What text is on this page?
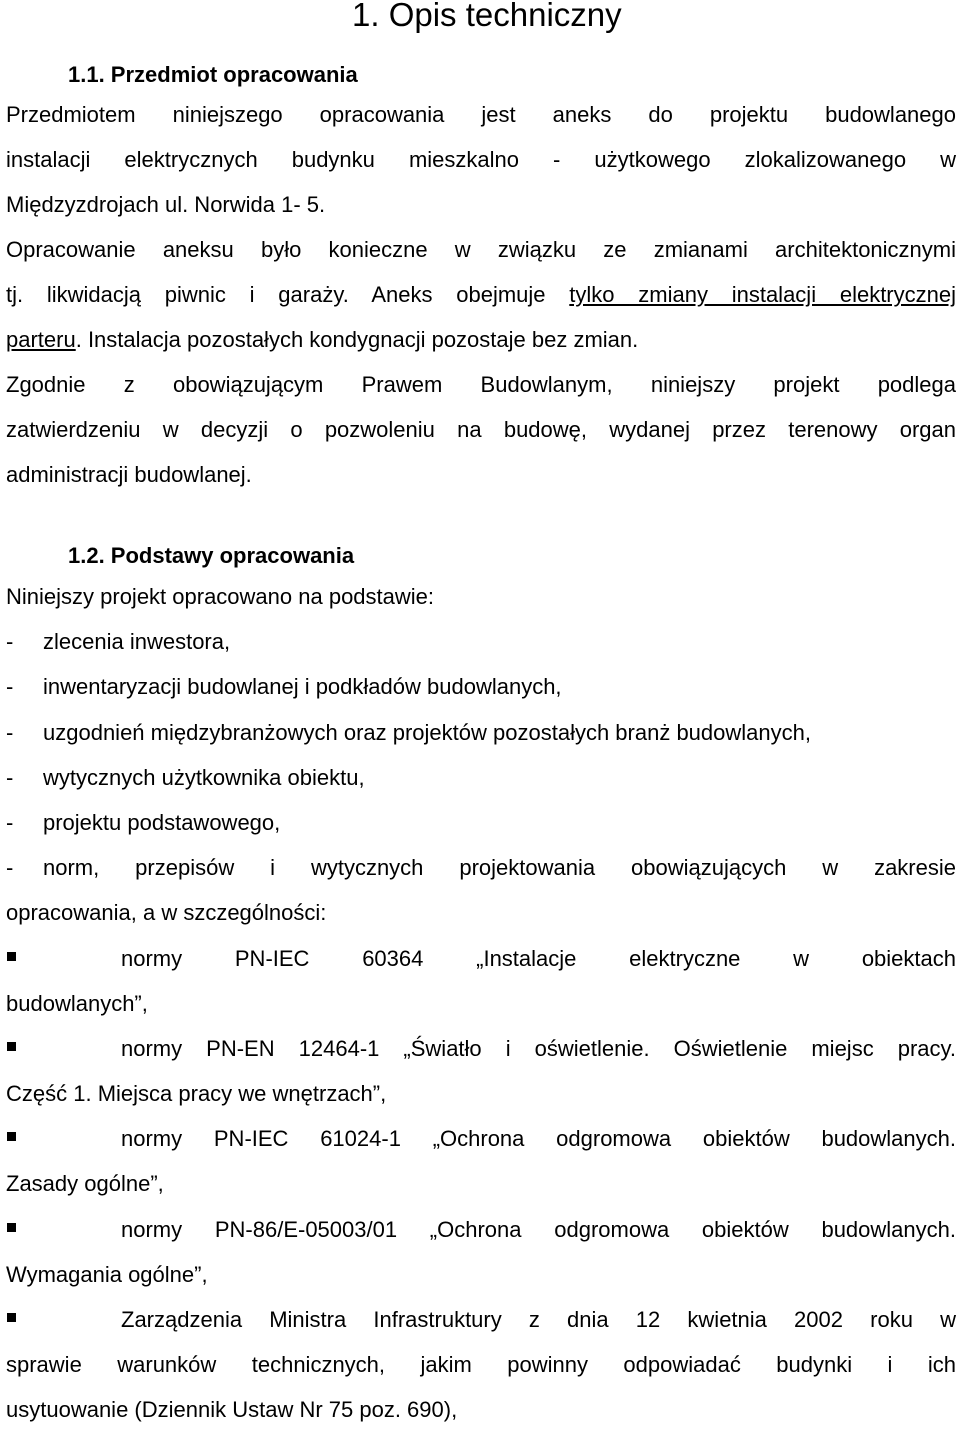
1. Opis techniczny
1.1. Przedmiot opracowania
Przedmiotem niniejszego opracowania jest aneks do projektu budowlanego
instalacji elektrycznych budynku mieszkalno - użytkowego zlokalizowanego w
Międzyzdrojach ul. Norwida 1- 5.
Opracowanie aneksu było konieczne w związku ze zmianami architektonicznymi
tj. likwidacją piwnic i garaży. Aneks obejmuje tylko zmiany instalacji elektrycznej
parteru. Instalacja pozostałych kondygnacji pozostaje bez zmian.
Zgodnie z obowiązującym Prawem Budowlanym, niniejszy projekt podlega
zatwierdzeniu w decyzji o pozwoleniu na budowę, wydanej przez terenowy organ
administracji budowlanej.
1.2. Podstawy opracowania
Niniejszy projekt opracowano na podstawie:
- zlecenia inwestora,
- inwentaryzacji budowlanej i podkładów budowlanych,
- uzgodnień międzybranżowych oraz projektów pozostałych branż budowlanych,
- wytycznych użytkownika obiektu,
- projektu podstawowego,
- norm, przepisów i wytycznych projektowania obowiązujących w zakresie
opracowania, a w szczególności:
normy PN-IEC 60364 „Instalacje elektryczne w obiektach
budowlanych”,
normy PN-EN 12464-1 „Światło i oświetlenie. Oświetlenie miejsc pracy.
Część 1. Miejsca pracy we wnętrzach”,
normy PN-IEC 61024-1 „Ochrona odgromowa obiektów budowlanych.
Zasady ogólne”,
normy PN-86/E-05003/01 „Ochrona odgromowa obiektów budowlanych.
Wymagania ogólne”,
Zarządzenia Ministra Infrastruktury z dnia 12 kwietnia 2002 roku w
sprawie warunków technicznych, jakim powinny odpowiadać budynki i ich
usytuowanie (Dziennik Ustaw Nr 75 poz. 690),
